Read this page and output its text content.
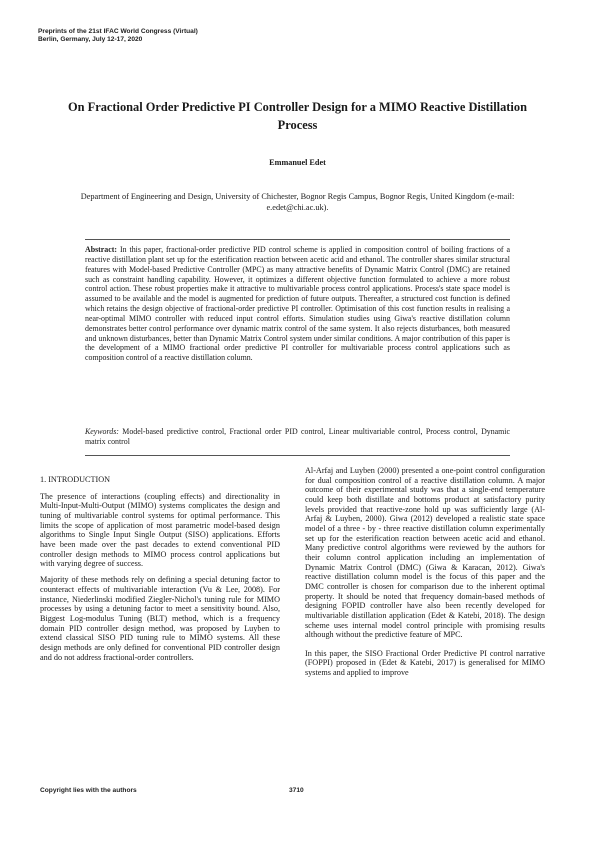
Preprints of the 21st IFAC World Congress (Virtual)
Berlin, Germany, July 12-17, 2020
On Fractional Order Predictive PI Controller Design for a MIMO Reactive Distillation Process
Emmanuel Edet
Department of Engineering and Design, University of Chichester, Bognor Regis Campus, Bognor Regis, United Kingdom (e-mail: e.edet@chi.ac.uk).
Abstract: In this paper, fractional-order predictive PID control scheme is applied in composition control of boiling fractions of a reactive distillation plant set up for the esterification reaction between acetic acid and ethanol. The controller shares similar structural features with Model-based Predictive Controller (MPC) as many attractive benefits of Dynamic Matrix Control (DMC) are retained such as constraint handling capability. However, it optimizes a different objective function formulated to achieve a more robust control action. These robust properties make it attractive to multivariable process control applications. Process's state space model is assumed to be available and the model is augmented for prediction of future outputs. Thereafter, a structured cost function is defined which retains the design objective of fractional-order predictive PI controller. Optimisation of this cost function results in realising a near-optimal MIMO controller with reduced input control efforts. Simulation studies using Giwa's reactive distillation column demonstrates better control performance over dynamic matrix control of the same system. It also rejects disturbances, both measured and unknown disturbances, better than Dynamic Matrix Control system under similar conditions. A major contribution of this paper is the development of a MIMO fractional order predictive PI controller for multivariable process control applications such as composition control of a reactive distillation column.
Keywords: Model-based predictive control, Fractional order PID control, Linear multivariable control, Process control, Dynamic matrix control
1. INTRODUCTION

The presence of interactions (coupling effects) and directionality in Multi-Input-Multi-Output (MIMO) systems complicates the design and tuning of multivariable control systems for optimal performance. This limits the scope of application of most parametric model-based design algorithms to Single Input Single Output (SISO) applications. Efforts have been made over the past decades to extend conventional PID controller design methods to MIMO process control applications but with varying degree of success.

Majority of these methods rely on defining a special detuning factor to counteract effects of multivariable interaction (Vu & Lee, 2008). For instance, Niederlinski modified Ziegler-Nichol's tuning rule for MIMO processes by using a detuning factor to meet a sensitivity bound. Also, Biggest Log-modulus Tuning (BLT) method, which is a frequency domain PID controller design method, was proposed by Luyben to extend classical SISO PID tuning rule to MIMO systems. All these design methods are only defined for conventional PID controller design and do not address fractional-order controllers.

Al-Arfaj and Luyben (2000) presented a one-point control configuration for dual composition control of a reactive distillation column. A major outcome of their experimental study was that a single-end temperature could keep both distillate and bottoms product at satisfactory purity levels provided that reactive-zone hold up was sufficiently large (Al-Arfaj & Luyben, 2000). Giwa (2012) developed a realistic state space model of a three - by - three reactive distillation column experimentally set up for the esterification reaction between acetic acid and ethanol. Many predictive control algorithms were reviewed by the authors for their column control application including an implementation of Dynamic Matrix Control (DMC) (Giwa & Karacan, 2012). Giwa's reactive distillation column model is the focus of this paper and the DMC controller is chosen for comparison due to the inherent optimal property. It should be noted that frequency domain-based methods of designing FOPID controller have also been recently developed for multivariable distillation application (Edet & Katebi, 2018). The design scheme uses internal model control principle with promising results although without the predictive feature of MPC.

In this paper, the SISO Fractional Order Predictive PI control narrative (FOPPI) proposed in (Edet & Katebi, 2017) is generalised for MIMO systems and applied to improve

Copyright lies with the authors	3710
